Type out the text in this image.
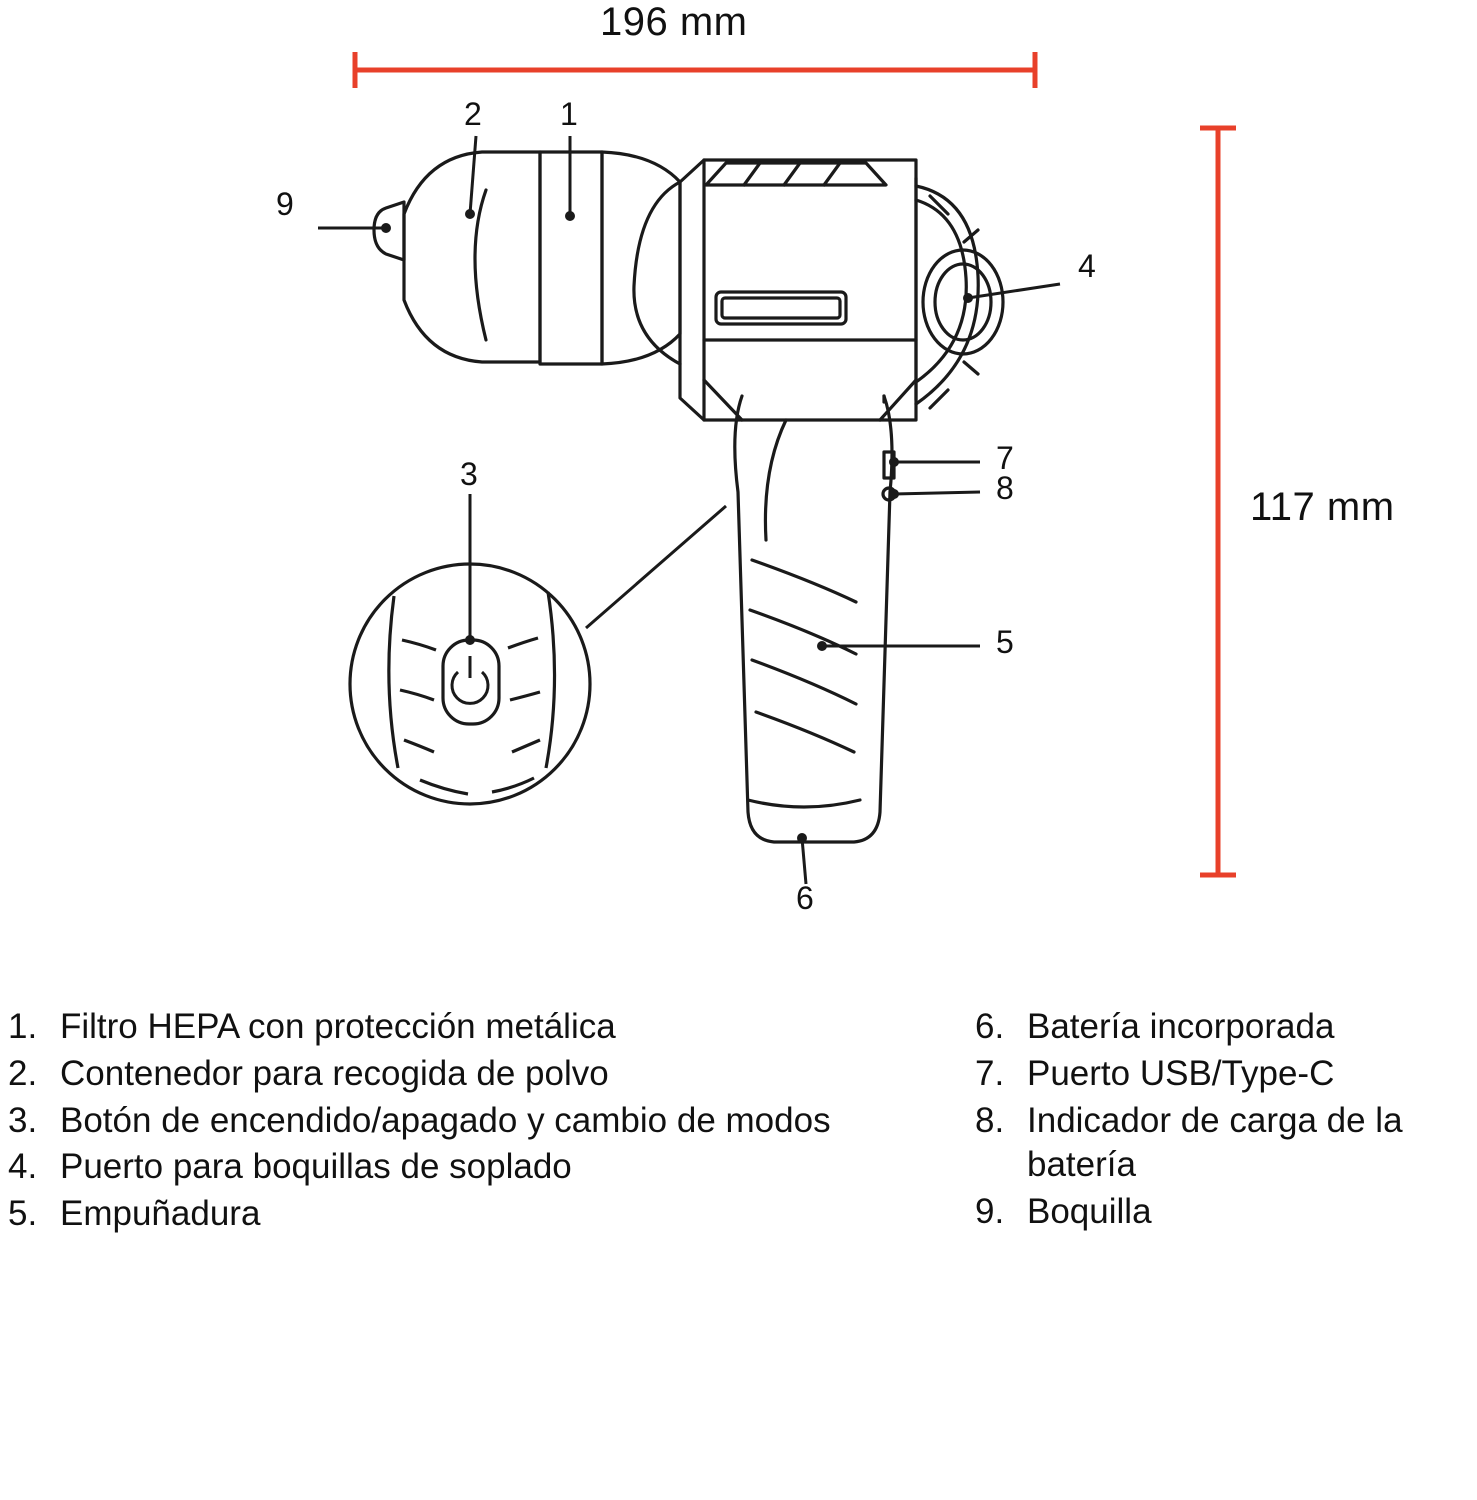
196 mm
117 mm
1
2
3
4
5
6
7
8
9
1. Filtro HEPA con protección metálica
2. Contenedor para recogida de polvo
3. Botón de encendido/apagado y cambio de modos
4. Puerto para boquillas de soplado
5. Empuñadura
6. Batería incorporada
7. Puerto USB/Type-C
8. Indicador de carga de la batería
9. Boquilla
